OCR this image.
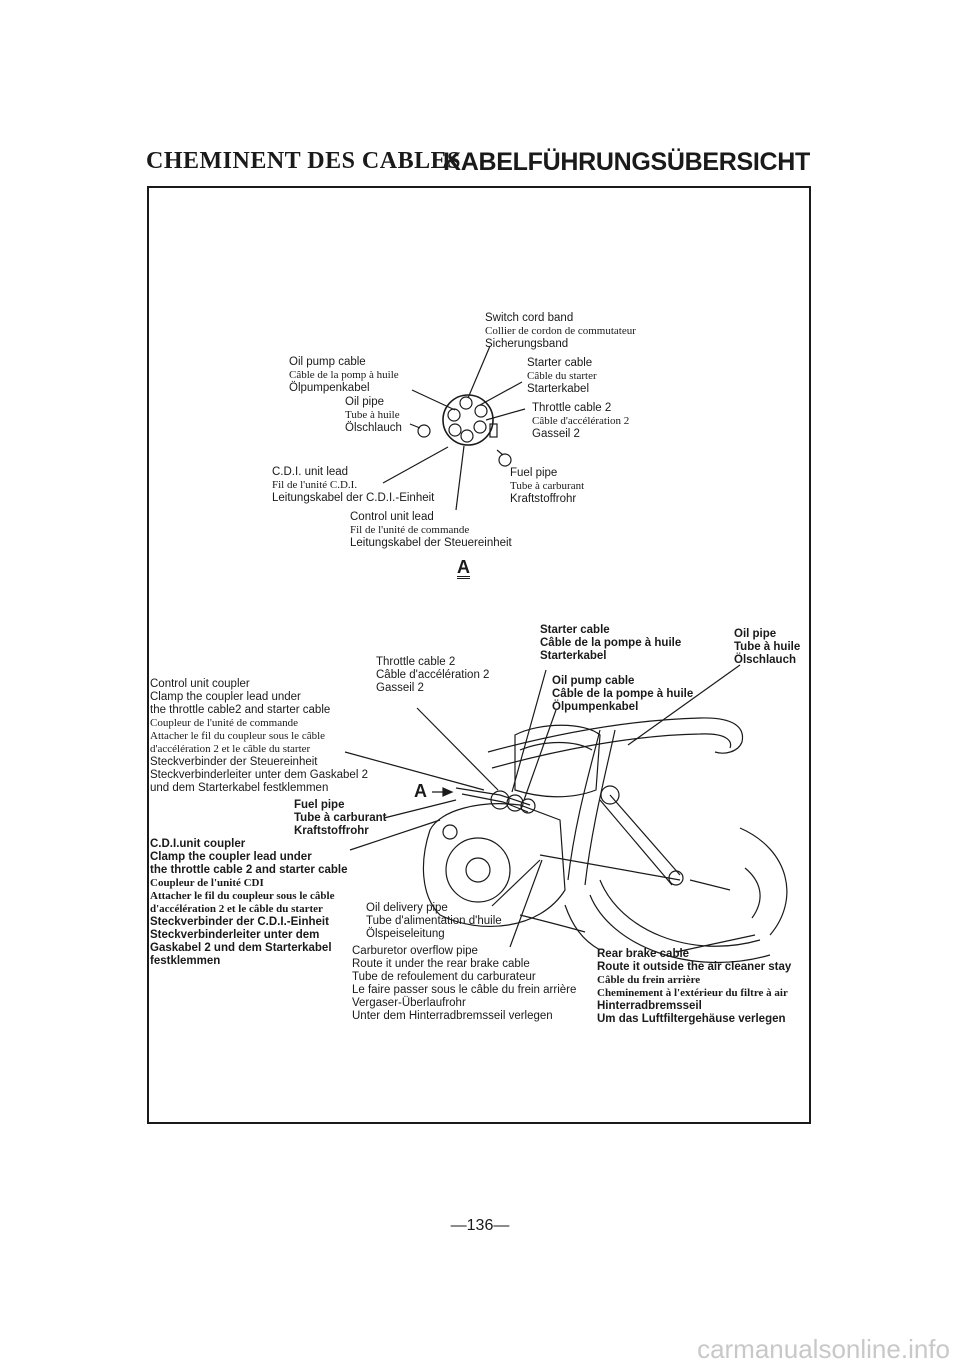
CHEMINENT DES CABLES
KABELFÜHRUNGSÜBERSICHT
Switch cord band
Collier de cordon de commutateur
Sicherungsband
Oil pump cable
Câble de la pomp à huile
Ölpumpenkabel
Starter cable
Câble du starter
Starterkabel
Oil pipe
Tube à huile
Ölschlauch
Throttle cable 2
Câble d'accélération 2
Gasseil 2
C.D.I. unit lead
Fil de l'unité C.D.I.
Leitungskabel der C.D.I.-Einheit
Fuel pipe
Tube à carburant
Kraftstoffrohr
Control unit lead
Fil de l'unité de commande
Leitungskabel der Steuereinheit
A
A
Starter cable
Câble de la pompe à huile
Starterkabel
Oil pipe
Tube à huile
Ölschlauch
Throttle cable 2
Câble d'accélération 2
Gasseil 2
Oil pump cable
Câble de la pompe à huile
Ölpumpenkabel
Control unit coupler
Clamp the coupler lead under
the throttle cable2 and starter cable
Coupleur de l'unité de commande
Attacher le fil du coupleur sous le câble
d'accélération 2 et le câble du starter
Steckverbinder der Steuereinheit
Steckverbinderleiter unter dem Gaskabel 2
und dem Starterkabel festklemmen
Fuel pipe
Tube à carburant
Kraftstoffrohr
C.D.I.unit coupler
Clamp the coupler lead under
the throttle cable 2 and starter cable
Coupleur de l'unité CDI
Attacher le fil du coupleur sous le câble
d'accélération 2 et le câble du starter
Steckverbinder der C.D.I.-Einheit
Steckverbinderleiter unter dem
Gaskabel 2 und dem Starterkabel
festklemmen
Oil delivery pipe
Tube d'alimentation d'huile
Ölspeiseleitung
Carburetor overflow pipe
Route it under the rear brake cable
Tube de refoulement du carburateur
Le faire passer sous le câble du frein arrière
Vergaser-Überlaufrohr
Unter dem Hinterradbremsseil verlegen
Rear brake cable
Route it outside the air cleaner stay
Câble du frein arrière
Cheminement à l'extérieur du filtre à air
Hinterradbremsseil
Um das Luftfiltergehäuse verlegen
—136—
carmanualsonline.info
